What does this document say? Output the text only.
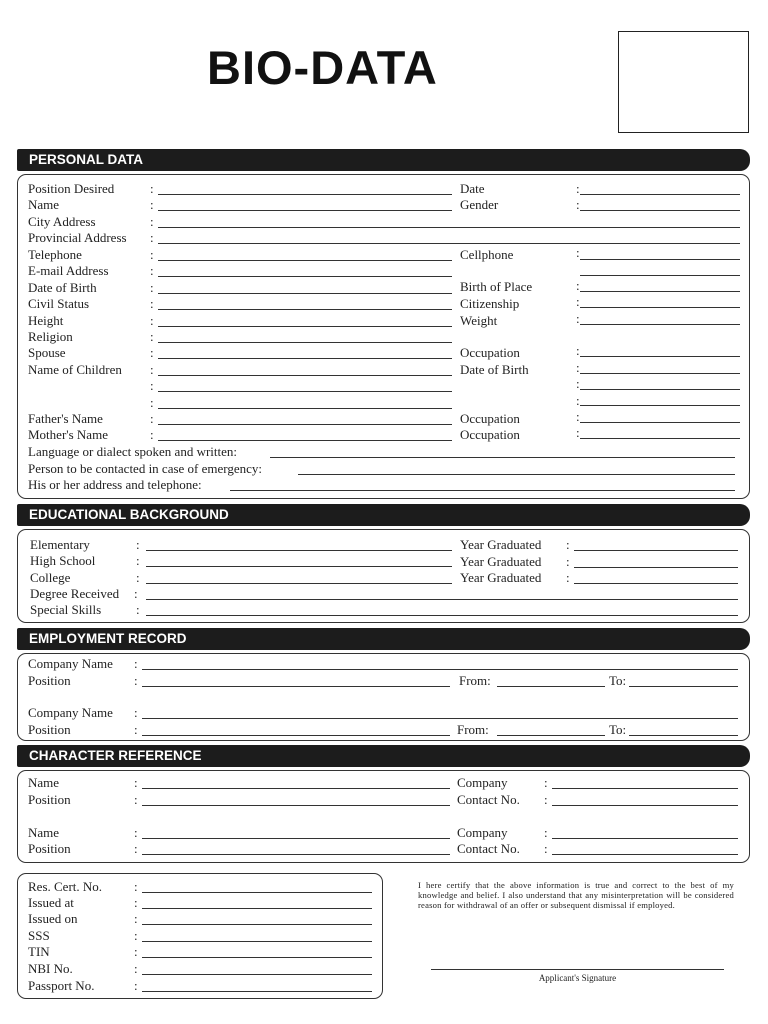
BIO-DATA
PERSONAL DATA
Position Desired
Name
City Address
Provincial Address
Telephone
E-mail Address
Date of Birth
Civil Status
Height
Religion
Spouse
Name of Children
Father's Name
Mother's Name
:
:
:
:
:
:
:
:
:
:
:
:
:
:
:
:
Date
Gender
Cellphone
Birth of Place
Citizenship
Weight
Occupation
Date of Birth
Occupation
Occupation
:
:
:
:
:
:
:
:
:
:
:
:
Language or dialect spoken and written:
Person to be contacted in case of emergency:
His or her address and telephone:
EDUCATIONAL BACKGROUND
Elementary
High School
College
Degree Received
Special Skills
:
:
:
:
:
Year Graduated
Year Graduated
Year Graduated
:
:
:
EMPLOYMENT RECORD
Company Name
Position
Company Name
Position
:
:
:
:
From:	To:
From:	To:
CHARACTER REFERENCE
Name
Position
Name
Position
:
:
:
:
Company
Contact No.
Company
Contact No.
:
:
:
:
Res. Cert. No.
Issued at
Issued on
SSS
TIN
NBI No.
Passport No.
:
:
:
:
:
:
:
I here certify that the above information is true and correct to the best of my knowledge and belief. I also understand that any misinterpretation will be considered reason for withdrawal of an offer or subsequent dismissal if employed.
Applicant's Signature
